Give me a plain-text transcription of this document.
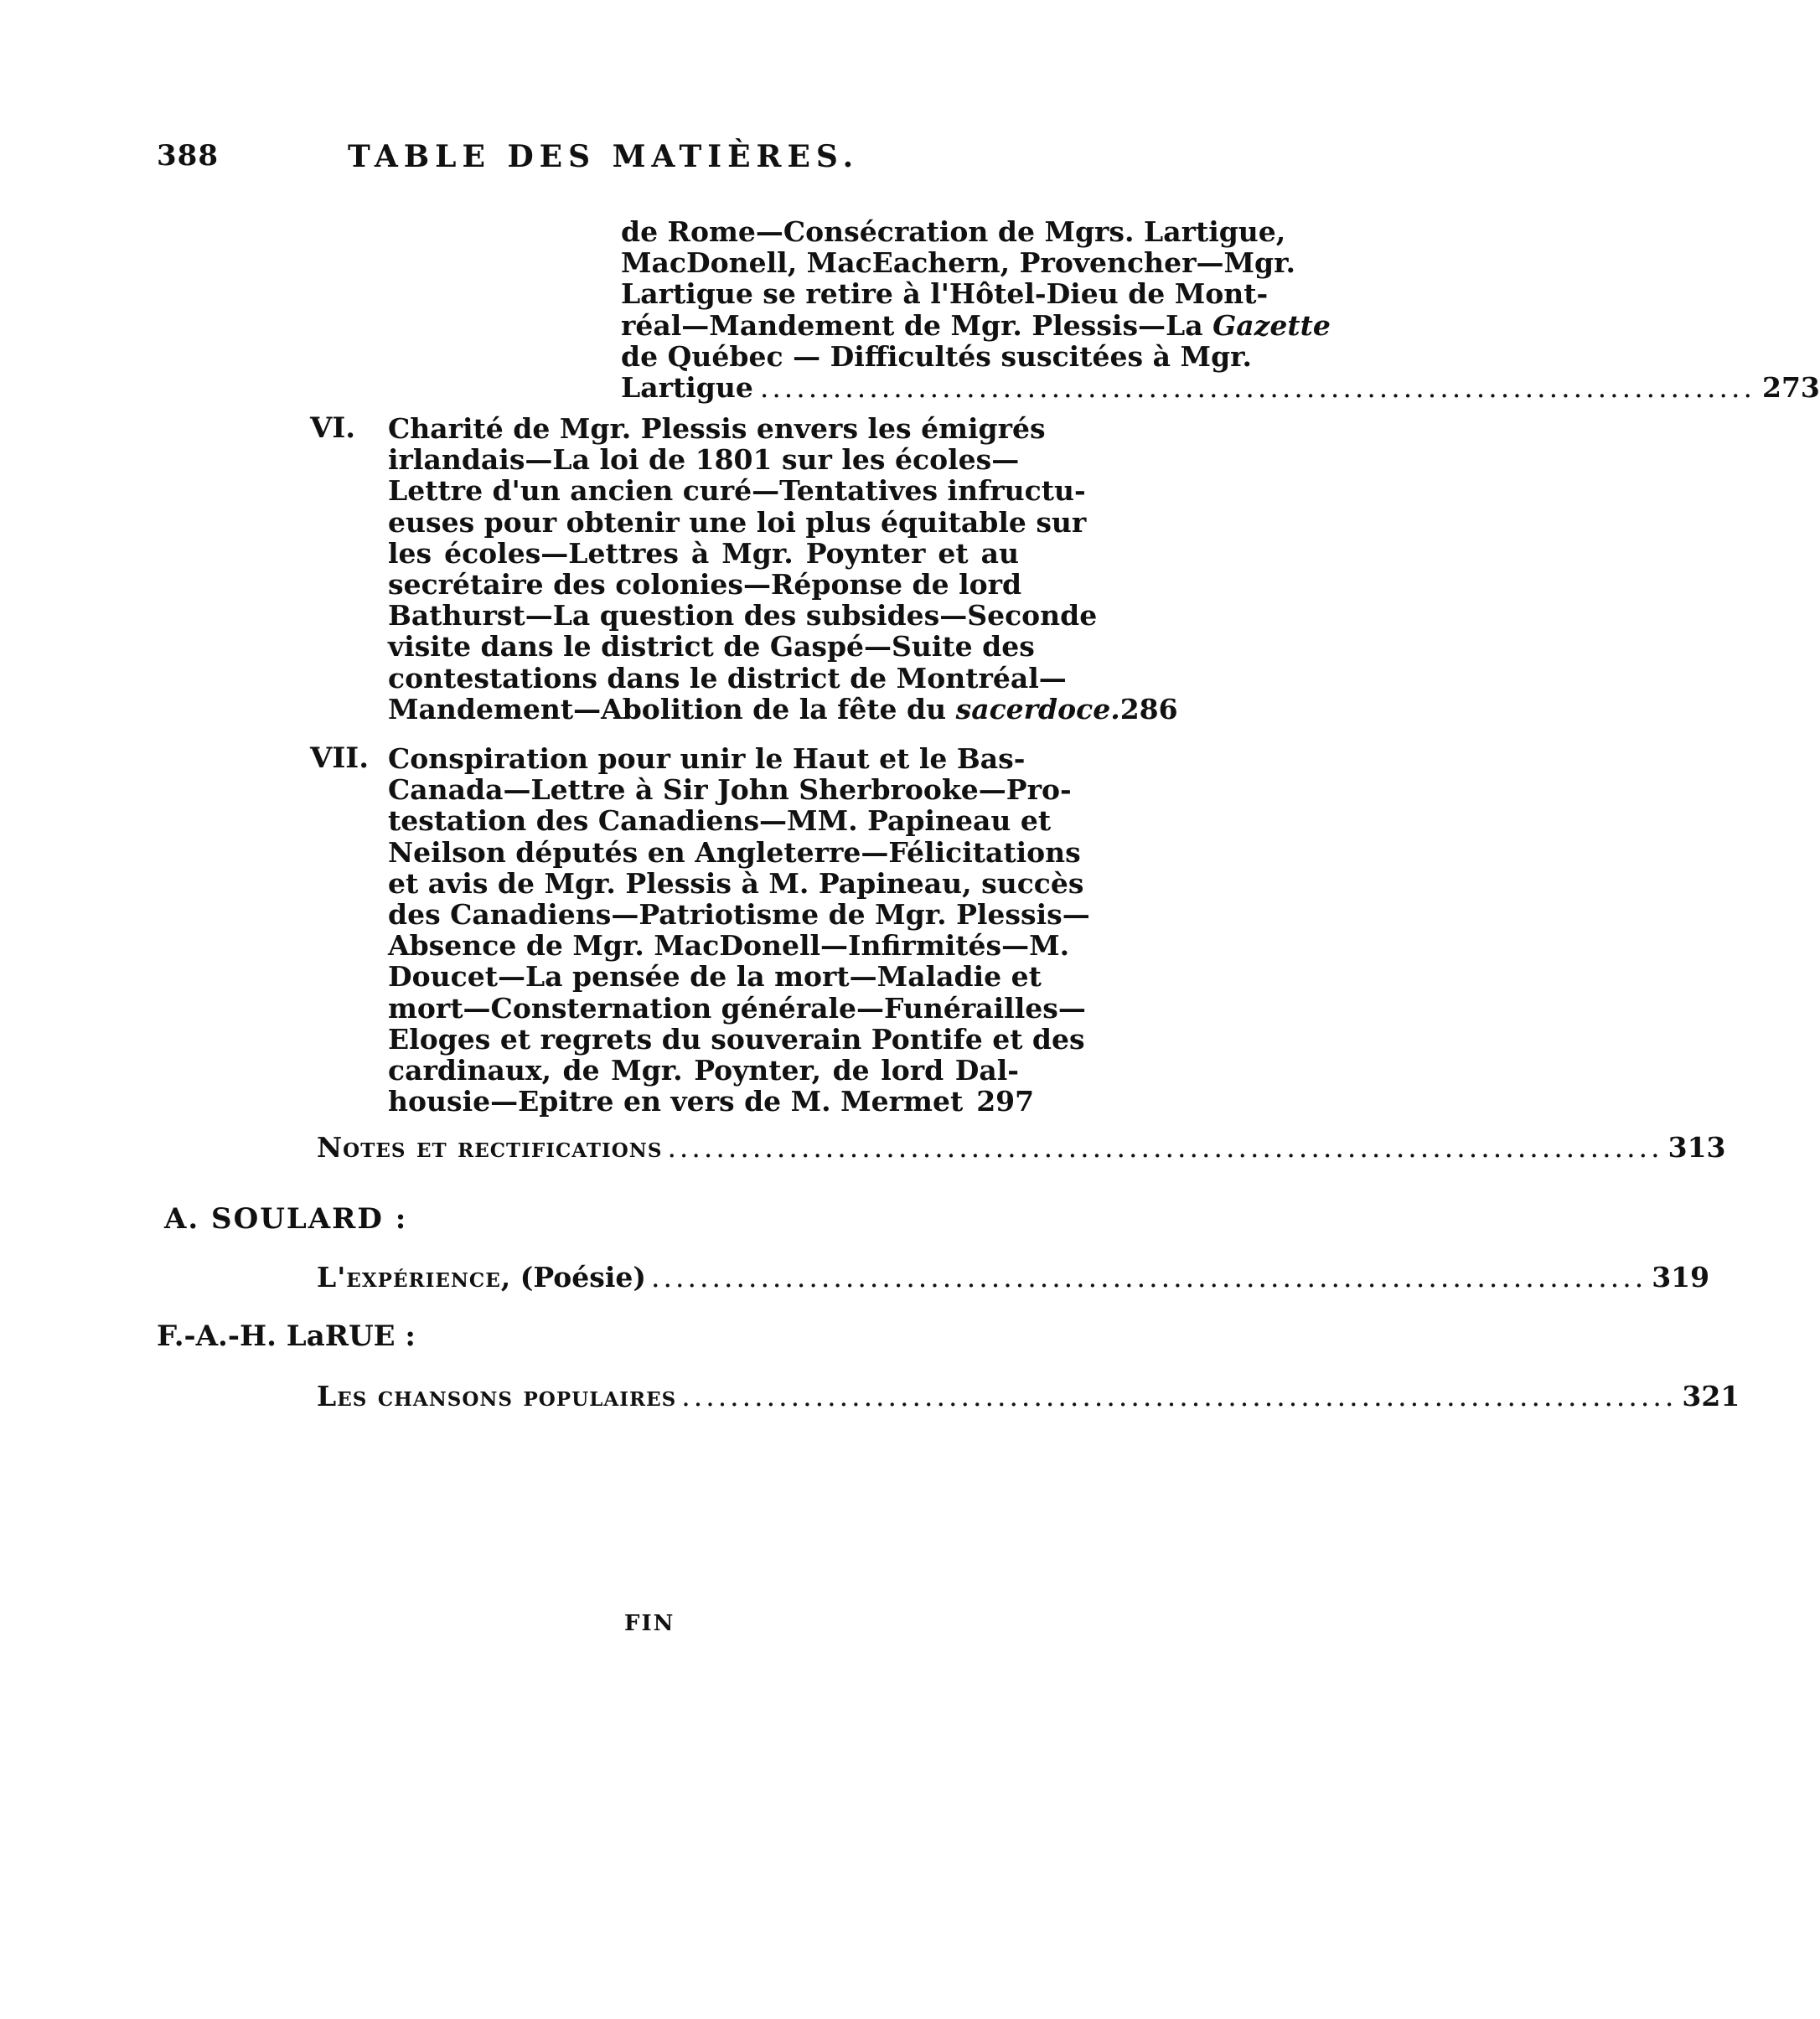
388	TABLE DES MATIÈRES.
de Rome—Consécration de Mgrs. Lartigue,
MacDonell, MacEachern, Provencher—Mgr.
Lartigue se retire à l'Hôtel-Dieu de Mont-
réal—Mandement de Mgr. Plessis—La Gazette
de Québec — Difficultés suscitées à Mgr.
Lartigue .................................................................................. 273
VI. Charité de Mgr. Plessis envers les émigrés
irlandais—La loi de 1801 sur les écoles—
Lettre d'un ancien curé—Tentatives infructu-
euses pour obtenir une loi plus équitable sur
les écoles—Lettres à Mgr. Poynter et au
secrétaire des colonies—Réponse de lord
Bathurst—La question des subsides—Seconde
visite dans le district de Gaspé—Suite des
contestations dans le district de Montréal—
Mandement—Abolition de la fête du sacerdoce. 286
VII. Conspiration pour unir le Haut et le Bas-
Canada—Lettre à Sir John Sherbrooke—Pro-
testation des Canadiens—MM. Papineau et
Neilson députés en Angleterre—Félicitations
et avis de Mgr. Plessis à M. Papineau, succès
des Canadiens—Patriotisme de Mgr. Plessis—
Absence de Mgr. MacDonell—Infirmités—M.
Doucet—La pensée de la mort—Maladie et
mort—Consternation générale—Funérailles—
Eloges et regrets du souverain Pontife et des
cardinaux, de Mgr. Poynter, de lord Dal-
housie—Epitre en vers de M. Mermet 297
Notes et rectifications .................................................................................. 313
A. SOULARD :
L'expérience , (Poésie) .................................................................................. 319
F.-A.-H. LaRUE :
Les chansons populaires .................................................................................. 321
FIN
